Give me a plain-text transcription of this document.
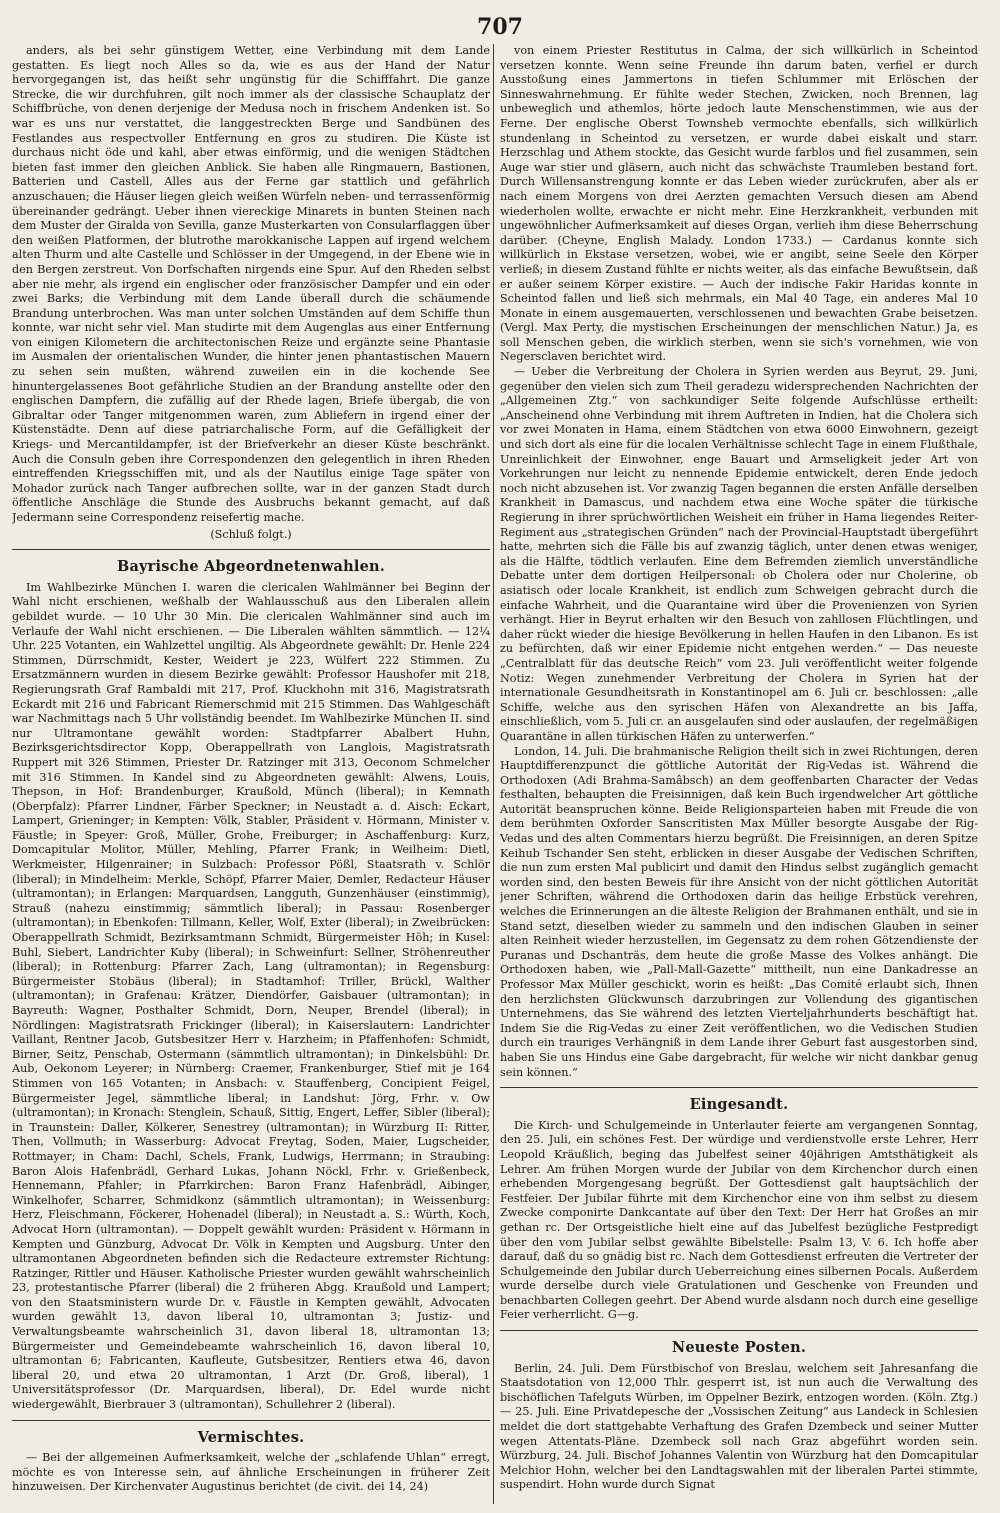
707

anders, als bei sehr günstigem Wetter, eine Verbindung mit dem Lande gestatten. Es liegt noch Alles so da, wie es aus der Hand der Natur hervorgegangen ist, das heißt sehr ungünstig für die Schifffahrt. Die ganze Strecke, die wir durchfuhren, gilt noch immer als der classische Schauplatz der Schiffbrüche, von denen derjenige der Medusa noch in frischem Andenken ist. So war es uns nur verstattet, die langgestreckten Berge und Sandbünen des Festlandes aus respectvoller Entfernung en gros zu studiren. Die Küste ist durchaus nicht öde und kahl, aber etwas einförmig, und die wenigen Städtchen bieten fast immer den gleichen Anblick. Sie haben alle Ringmauern, Bastionen, Batterien und Castell, Alles aus der Ferne gar stattlich und gefährlich anzuschauen; die Häuser liegen gleich weißen Würfeln neben- und terrassenförmig übereinander gedrängt. Ueber ihnen viereckige Minarets in bunten Steinen nach dem Muster der Giralda von Sevilla, ganze Musterkarten von Consularflaggen über den weißen Platformen, der blutrothe marokkanische Lappen auf irgend welchem alten Thurm und alte Castelle und Schlösser in der Umgegend, in der Ebene wie in den Bergen zerstreut. Von Dorfschaften nirgends eine Spur. Auf den Rheden selbst aber nie mehr, als irgend ein englischer oder französischer Dampfer und ein oder zwei Barks; die Verbindung mit dem Lande überall durch die schäumende Brandung unterbrochen. Was man unter solchen Umständen auf dem Schiffe thun konnte, war nicht sehr viel. Man studirte mit dem Augenglas aus einer Entfernung von einigen Kilometern die architectonischen Reize und ergänzte seine Phantasie im Ausmalen der orientalischen Wunder, die hinter jenen phantastischen Mauern zu sehen sein mußten, während zuweilen ein in die kochende See hinuntergelassenes Boot gefährliche Studien an der Brandung anstellte oder den englischen Dampfern, die zufällig auf der Rhede lagen, Briefe übergab, die von Gibraltar oder Tanger mitgenommen waren, zum Abliefern in irgend einer der Küstenstädte. Denn auf diese patriarchalische Form, auf die Gefälligkeit der Kriegs- und Mercantildampfer, ist der Briefverkehr an dieser Küste beschränkt. Auch die Consuln geben ihre Correspondenzen den gelegentlich in ihren Rheden eintreffenden Kriegsschiffen mit, und als der Nautilus einige Tage später von Mohador zurück nach Tanger aufbrechen sollte, war in der ganzen Stadt durch öffentliche Anschläge die Stunde des Ausbruchs bekannt gemacht, auf daß Jedermann seine Correspondenz reisefertig mache.

(Schluß folgt.)

Bayrische Abgeordnetenwahlen.

Im Wahlbezirke München I. waren die clericalen Wahlmänner bei Beginn der Wahl nicht erschienen, weßhalb der Wahlausschuß aus den Liberalen allein gebildet wurde. — 10 Uhr 30 Min. Die clericalen Wahlmänner sind auch im Verlaufe der Wahl nicht erschienen. — Die Liberalen wählten sämmtlich. — 12¼ Uhr. 225 Votanten, ein Wahlzettel ungiltig. Als Abgeordnete gewählt: Dr. Henle 224 Stimmen, Dürrschmidt, Kester, Weidert je 223, Wülfert 222 Stimmen. Zu Ersatzmännern wurden in diesem Bezirke gewählt: Professor Haushofer mit 218, Regierungsrath Graf Rambaldi mit 217, Prof. Kluckhohn mit 316, Magistratsrath Eckardt mit 216 und Fabricant Riemerschmid mit 215 Stimmen. Das Wahlgeschäft war Nachmittags nach 5 Uhr vollständig beendet. Im Wahlbezirke München II. sind nur Ultramontane gewählt worden: Stadtpfarrer Abalbert Huhn, Bezirksgerichtsdirector Kopp, Oberappellrath von Langlois, Magistratsrath Ruppert mit 326 Stimmen, Priester Dr. Ratzinger mit 313, Oeconom Schmelcher mit 316 Stimmen. In Kandel sind zu Abgeordneten gewählt: Alwens, Louis, Thepson, in Hof: Brandenburger, Kraußold, Münch (liberal); in Kemnath (Oberpfalz): Pfarrer Lindner, Färber Speckner; in Neustadt a. d. Aisch: Eckart, Lampert, Grieninger; in Kempten: Völk, Stabler, Präsident v. Hörmann, Minister v. Fäustle; in Speyer: Groß, Müller, Grohe, Freiburger; in Aschaffenburg: Kurz, Domcapitular Molitor, Müller, Mehling, Pfarrer Frank; in Weilheim: Dietl, Werkmeister, Hilgenrainer; in Sulzbach: Professor Pößl, Staatsrath v. Schlör (liberal); in Mindelheim: Merkle, Schöpf, Pfarrer Maier, Demler, Redacteur Häuser (ultramontan); in Erlangen: Marquardsen, Langguth, Gunzenhäuser (einstimmig), Strauß (nahezu einstimmig; sämmtlich liberal); in Passau: Rosenberger (ultramontan); in Ebenkofen: Tillmann, Keller, Wolf, Exter (liberal); in Zweibrücken: Oberappellrath Schmidt, Bezirksamtmann Schmidt, Bürgermeister Höh; in Kusel: Buhl, Siebert, Landrichter Kuby (liberal); in Schweinfurt: Sellner, Ströhenreuther (liberal); in Rottenburg: Pfarrer Zach, Lang (ultramontan); in Regensburg: Bürgermeister Stobäus (liberal); in Stadtamhof: Triller, Brückl, Walther (ultramontan); in Grafenau: Krätzer, Diendörfer, Gaisbauer (ultramontan); in Bayreuth: Wagner, Posthalter Schmidt, Dorn, Neuper, Brendel (liberal); in Nördlingen: Magistratsrath Frickinger (liberal); in Kaiserslautern: Landrichter Vaillant, Rentner Jacob, Gutsbesitzer Herr v. Harzheim; in Pfaffenhofen: Schmidt, Birner, Seitz, Penschab, Ostermann (sämmtlich ultramontan); in Dinkelsbühl: Dr. Aub, Oekonom Leyerer; in Nürnberg: Craemer, Frankenburger, Stief mit je 164 Stimmen von 165 Votanten; in Ansbach: v. Stauffenberg, Concipient Feigel, Bürgermeister Jegel, sämmtliche liberal; in Landshut: Jörg, Frhr. v. Ow (ultramontan); in Kronach: Stenglein, Schauß, Sittig, Engert, Leffer, Sibler (liberal); in Traunstein: Daller, Kölkerer, Senestrey (ultramontan); in Würzburg II: Ritter, Then, Vollmuth; in Wasserburg: Advocat Freytag, Soden, Maier, Lugscheider, Rottmayer; in Cham: Dachl, Schels, Frank, Ludwigs, Herrmann; in Straubing: Baron Alois Hafenbrädl, Gerhard Lukas, Johann Nöckl, Frhr. v. Grießenbeck, Hennemann, Pfahler; in Pfarrkirchen: Baron Franz Hafenbrädl, Aibinger, Winkelhofer, Scharrer, Schmidkonz (sämmtlich ultramontan); in Weissenburg: Herz, Fleischmann, Föckerer, Hohenadel (liberal); in Neustadt a. S.: Würth, Koch, Advocat Horn (ultramontan). — Doppelt gewählt wurden: Präsident v. Hörmann in Kempten und Günzburg, Advocat Dr. Völk in Kempten und Augsburg. Unter den ultramontanen Abgeordneten befinden sich die Redacteure extremster Richtung: Ratzinger, Rittler und Häuser. Katholische Priester wurden gewählt wahrscheinlich 23, protestantische Pfarrer (liberal) die 2 früheren Abgg. Kraußold und Lampert; von den Staatsministern wurde Dr. v. Fäustle in Kempten gewählt, Advocaten wurden gewählt 13, davon liberal 10, ultramontan 3; Justiz- und Verwaltungsbeamte wahrscheinlich 31, davon liberal 18, ultramontan 13; Bürgermeister und Gemeindebeamte wahrscheinlich 16, davon liberal 10, ultramontan 6; Fabricanten, Kaufleute, Gutsbesitzer, Rentiers etwa 46, davon liberal 20, und etwa 20 ultramontan, 1 Arzt (Dr. Groß, liberal), 1 Universitätsprofessor (Dr. Marquardsen, liberal), Dr. Edel wurde nicht wiedergewählt, Bierbrauer 3 (ultramontan), Schullehrer 2 (liberal).

Vermischtes.

— Bei der allgemeinen Aufmerksamkeit, welche der „schlafende Uhlan“ erregt, möchte es von Interesse sein, auf ähnliche Erscheinungen in früherer Zeit hinzuweisen. Der Kirchenvater Augustinus berichtet (de civit. dei 14, 24)

von einem Priester Restitutus in Calma, der sich willkürlich in Scheintod versetzen konnte. Wenn seine Freunde ihn darum baten, verfiel er durch Ausstoßung eines Jammertons in tiefen Schlummer mit Erlöschen der Sinneswahrnehmung. Er fühlte weder Stechen, Zwicken, noch Brennen, lag unbeweglich und athemlos, hörte jedoch laute Menschenstimmen, wie aus der Ferne. Der englische Oberst Townsheb vermochte ebenfalls, sich willkürlich stundenlang in Scheintod zu versetzen, er wurde dabei eiskalt und starr. Herzschlag und Athem stockte, das Gesicht wurde farblos und fiel zusammen, sein Auge war stier und gläsern, auch nicht das schwächste Traumleben bestand fort. Durch Willensanstrengung konnte er das Leben wieder zurückrufen, aber als er nach einem Morgens von drei Aerzten gemachten Versuch diesen am Abend wiederholen wollte, erwachte er nicht mehr. Eine Herzkrankheit, verbunden mit ungewöhnlicher Aufmerksamkeit auf dieses Organ, verlieh ihm diese Beherrschung darüber. (Cheyne, English Malady. London 1733.) — Cardanus konnte sich willkürlich in Ekstase versetzen, wobei, wie er angibt, seine Seele den Körper verließ; in diesem Zustand fühlte er nichts weiter, als das einfache Bewußtsein, daß er außer seinem Körper existire. — Auch der indische Fakir Haridas konnte in Scheintod fallen und ließ sich mehrmals, ein Mal 40 Tage, ein anderes Mal 10 Monate in einem ausgemauerten, verschlossenen und bewachten Grabe beisetzen. (Vergl. Max Perty, die mystischen Erscheinungen der menschlichen Natur.) Ja, es soll Menschen geben, die wirklich sterben, wenn sie sich's vornehmen, wie von Negersclaven berichtet wird.

— Ueber die Verbreitung der Cholera in Syrien werden aus Beyrut, 29. Juni, gegenüber den vielen sich zum Theil geradezu widersprechenden Nachrichten der „Allgemeinen Ztg.“ von sachkundiger Seite folgende Aufschlüsse ertheilt: „Anscheinend ohne Verbindung mit ihrem Auftreten in Indien, hat die Cholera sich vor zwei Monaten in Hama, einem Städtchen von etwa 6000 Einwohnern, gezeigt und sich dort als eine für die localen Verhältnisse schlecht Tage in einem Flußthale, Unreinlichkeit der Einwohner, enge Bauart und Armseligkeit jeder Art von Vorkehrungen nur leicht zu nennende Epidemie entwickelt, deren Ende jedoch noch nicht abzusehen ist. Vor zwanzig Tagen begannen die ersten Anfälle derselben Krankheit in Damascus, und nachdem etwa eine Woche später die türkische Regierung in ihrer sprüchwörtlichen Weisheit ein früher in Hama liegendes Reiter-Regiment aus „strategischen Gründen“ nach der Provincial-Hauptstadt übergeführt hatte, mehrten sich die Fälle bis auf zwanzig täglich, unter denen etwas weniger, als die Hälfte, tödtlich verlaufen. Eine dem Befremden ziemlich unverständliche Debatte unter dem dortigen Heilpersonal: ob Cholera oder nur Cholerine, ob asiatisch oder locale Krankheit, ist endlich zum Schweigen gebracht durch die einfache Wahrheit, und die Quarantaine wird über die Provenienzen von Syrien verhängt. Hier in Beyrut erhalten wir den Besuch von zahllosen Flüchtlingen, und daher rückt wieder die hiesige Bevölkerung in hellen Haufen in den Libanon. Es ist zu befürchten, daß wir einer Epidemie nicht entgehen werden.“ — Das neueste „Centralblatt für das deutsche Reich“ vom 23. Juli veröffentlicht weiter folgende Notiz: Wegen zunehmender Verbreitung der Cholera in Syrien hat der internationale Gesundheitsrath in Konstantinopel am 6. Juli cr. beschlossen: „alle Schiffe, welche aus den syrischen Häfen von Alexandrette an bis Jaffa, einschließlich, vom 5. Juli cr. an ausgelaufen sind oder auslaufen, der regelmäßigen Quarantäne in allen türkischen Häfen zu unterwerfen.“

London, 14. Juli. Die brahmanische Religion theilt sich in zwei Richtungen, deren Hauptdifferenzpunct die göttliche Autorität der Rig-Vedas ist. Während die Orthodoxen (Adi Brahma-Samâbsch) an dem geoffenbarten Character der Vedas festhalten, behaupten die Freisinnigen, daß kein Buch irgendwelcher Art göttliche Autorität beanspruchen könne. Beide Religionsparteien haben mit Freude die von dem berühmten Oxforder Sanscritisten Max Müller besorgte Ausgabe der Rig-Vedas und des alten Commentars hierzu begrüßt. Die Freisinnigen, an deren Spitze Keihub Tschander Sen steht, erblicken in dieser Ausgabe der Vedischen Schriften, die nun zum ersten Mal publicirt und damit den Hindus selbst zugänglich gemacht worden sind, den besten Beweis für ihre Ansicht von der nicht göttlichen Autorität jener Schriften, während die Orthodoxen darin das heilige Erbstück verehren, welches die Erinnerungen an die älteste Religion der Brahmanen enthält, und sie in Stand setzt, dieselben wieder zu sammeln und den indischen Glauben in seiner alten Reinheit wieder herzustellen, im Gegensatz zu dem rohen Götzendienste der Puranas und Dschanträs, dem heute die große Masse des Volkes anhängt. Die Orthodoxen haben, wie „Pall-Mall-Gazette“ mittheilt, nun eine Dankadresse an Professor Max Müller geschickt, worin es heißt: „Das Comité erlaubt sich, Ihnen den herzlichsten Glückwunsch darzubringen zur Vollendung des gigantischen Unternehmens, das Sie während des letzten Vierteljahrhunderts beschäftigt hat. Indem Sie die Rig-Vedas zu einer Zeit veröffentlichen, wo die Vedischen Studien durch ein trauriges Verhängniß in dem Lande ihrer Geburt fast ausgestorben sind, haben Sie uns Hindus eine Gabe dargebracht, für welche wir nicht dankbar genug sein können.“

Eingesandt.

Die Kirch- und Schulgemeinde in Unterlauter feierte am vergangenen Sonntag, den 25. Juli, ein schönes Fest. Der würdige und verdienstvolle erste Lehrer, Herr Leopold Kräußlich, beging das Jubelfest seiner 40jährigen Amtsthätigkeit als Lehrer. Am frühen Morgen wurde der Jubilar von dem Kirchenchor durch einen erhebenden Morgengesang begrüßt. Der Gottesdienst galt hauptsächlich der Festfeier. Der Jubilar führte mit dem Kirchenchor eine von ihm selbst zu diesem Zwecke componirte Dankcantate auf über den Text: Der Herr hat Großes an mir gethan rc. Der Ortsgeistliche hielt eine auf das Jubelfest bezügliche Festpredigt über den vom Jubilar selbst gewählte Bibelstelle: Psalm 13, V. 6. Ich hoffe aber darauf, daß du so gnädig bist rc. Nach dem Gottesdienst erfreuten die Vertreter der Schulgemeinde den Jubilar durch Ueberreichung eines silbernen Pocals. Außerdem wurde derselbe durch viele Gratulationen und Geschenke von Freunden und benachbarten Collegen geehrt. Der Abend wurde alsdann noch durch eine gesellige Feier verherrlicht. G—g.

Neueste Posten.

Berlin, 24. Juli. Dem Fürstbischof von Breslau, welchem seit Jahresanfang die Staatsdotation von 12,000 Thlr. gesperrt ist, ist nun auch die Verwaltung des bischöflichen Tafelguts Würben, im Oppelner Bezirk, entzogen worden. (Köln. Ztg.) — 25. Juli. Eine Privatdepesche der „Vossischen Zeitung“ aus Landeck in Schlesien meldet die dort stattgehabte Verhaftung des Grafen Dzembeck und seiner Mutter wegen Attentats-Pläne. Dzembeck soll nach Graz abgeführt worden sein. Würzburg, 24. Juli. Bischof Johannes Valentin von Würzburg hat den Domcapitular Melchior Hohn, welcher bei den Landtagswahlen mit der liberalen Partei stimmte, suspendirt. Hohn wurde durch Signat
